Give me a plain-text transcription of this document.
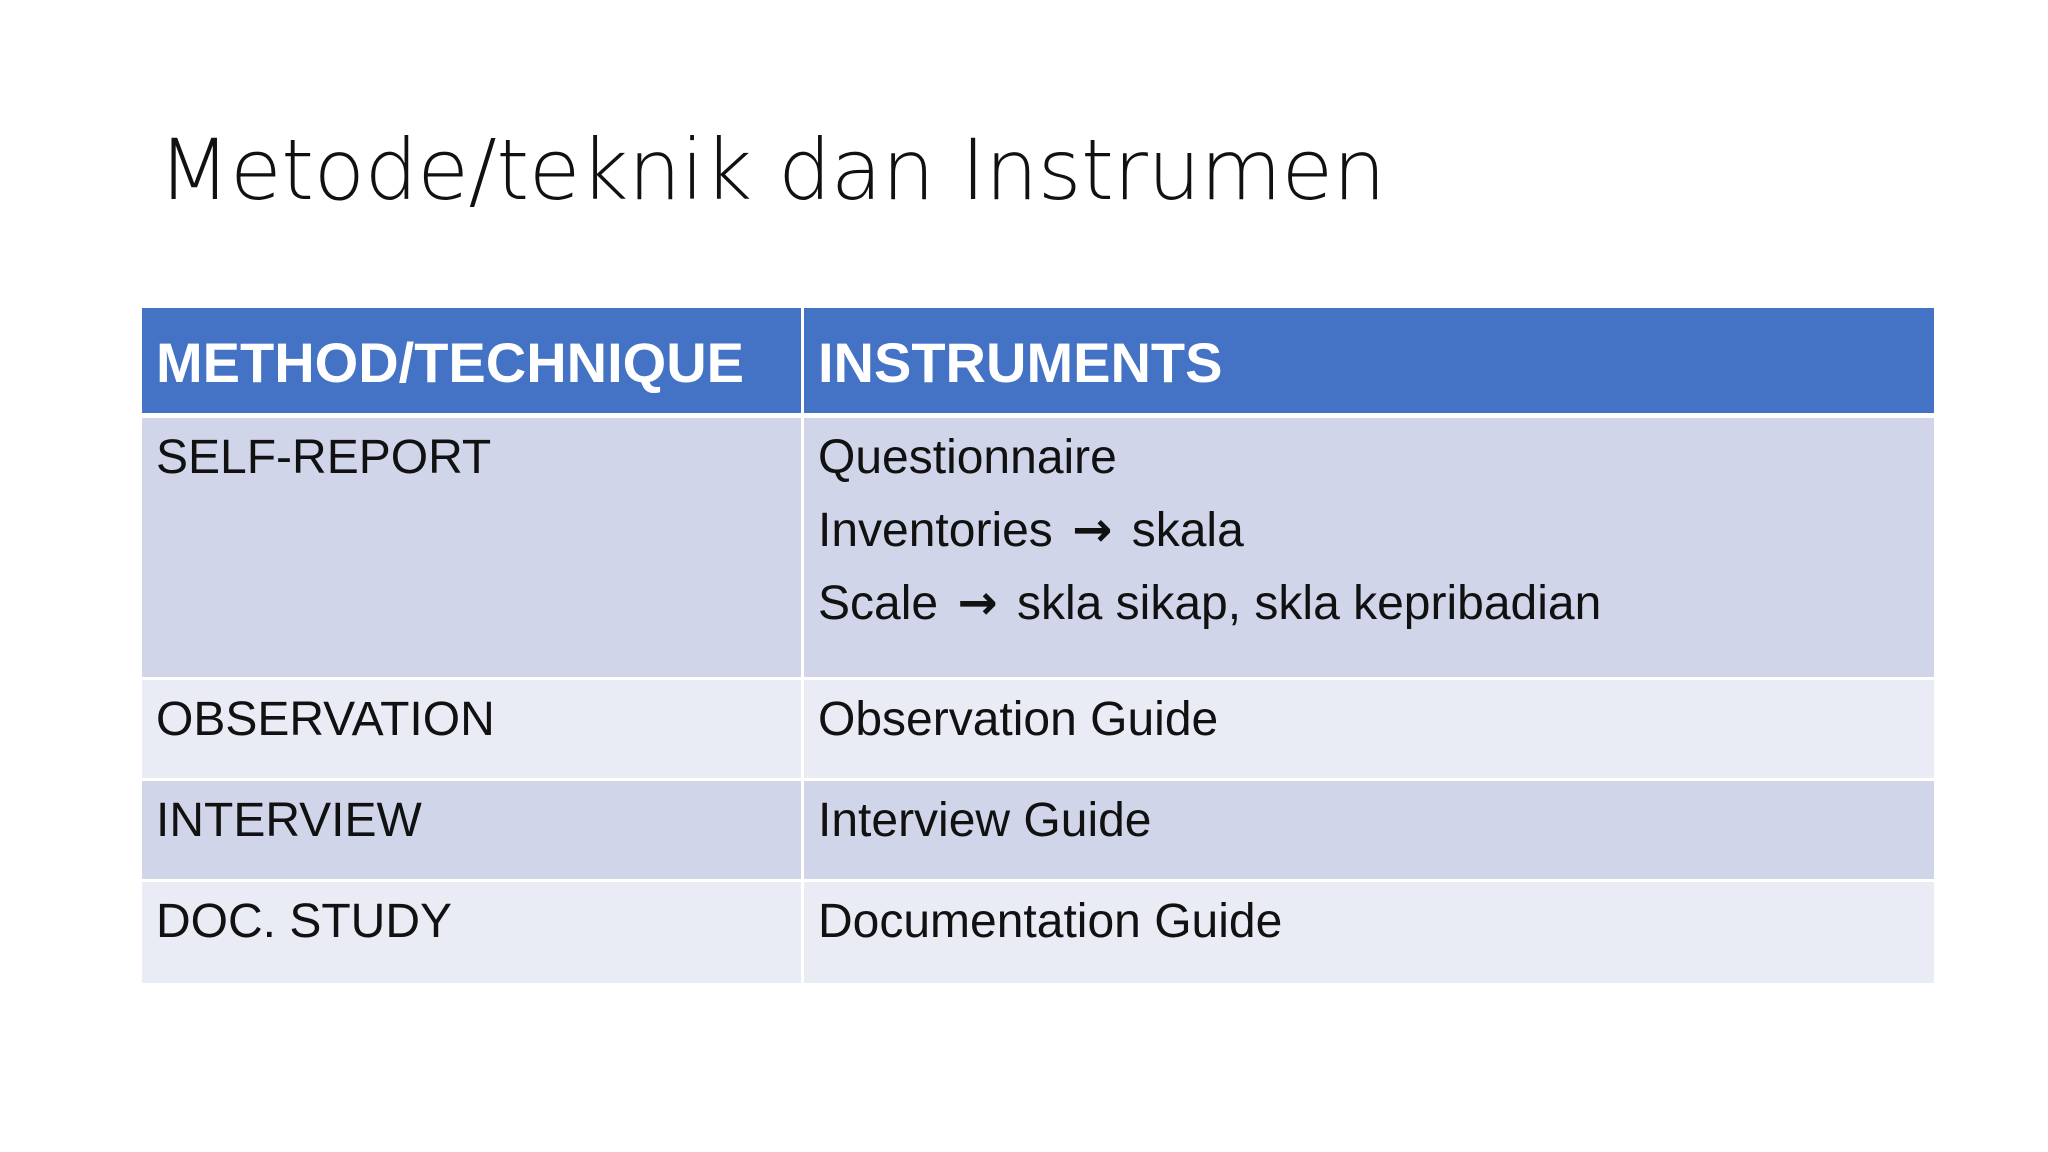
Metode/teknik dan Instrumen
METHOD/TECHNIQUE	INSTRUMENTS
SELF-REPORT	Questionnaire
Inventories → skala
Scale → skla sikap, skla kepribadian

OBSERVATION	Observation Guide

INTERVIEW	Interview Guide

DOC. STUDY	Documentation Guide
